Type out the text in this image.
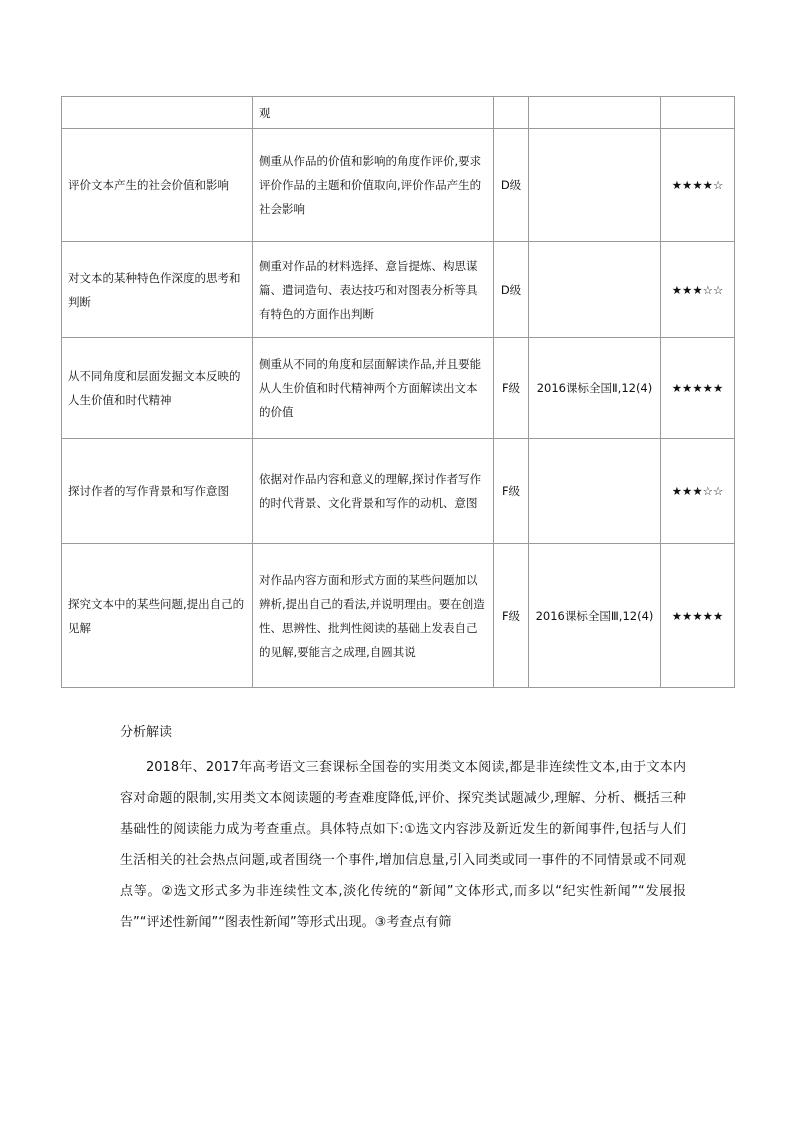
	观			
评价文本产生的社会价值和影响	侧重从作品的价值和影响的角度作评价,要求评价作品的主题和价值取向,评价作品产生的社会影响	D级		★★★★☆
对文本的某种特色作深度的思考和判断	侧重对作品的材料选择、意旨提炼、构思谋篇、遣词造句、表达技巧和对图表分析等具有特色的方面作出判断	D级		★★★☆☆
从不同角度和层面发掘文本反映的人生价值和时代精神	侧重从不同的角度和层面解读作品,并且要能从人生价值和时代精神两个方面解读出文本的价值	F级	2016课标全国Ⅱ,12(4)	★★★★★
探讨作者的写作背景和写作意图	依据对作品内容和意义的理解,探讨作者写作的时代背景、文化背景和写作的动机、意图	F级		★★★☆☆
探究文本中的某些问题,提出自己的见解	对作品内容方面和形式方面的某些问题加以辨析,提出自己的看法,并说明理由。要在创造性、思辨性、批判性阅读的基础上发表自己的见解,要能言之成理,自圆其说	F级	2016课标全国Ⅲ,12(4)	★★★★★

分析解读

2018年、2017年高考语文三套课标全国卷的实用类文本阅读,都是非连续性文本,由于文本内容对命题的限制,实用类文本阅读题的考查难度降低,评价、探究类试题减少,理解、分析、概括三种基础性的阅读能力成为考查重点。具体特点如下:①选文内容涉及新近发生的新闻事件,包括与人们生活相关的社会热点问题,或者围绕一个事件,增加信息量,引入同类或同一事件的不同情景或不同观点等。②选文形式多为非连续性文本,淡化传统的“新闻”文体形式,而多以“纪实性新闻”“发展报告”“评述性新闻”“图表性新闻”等形式出现。③考查点有筛
